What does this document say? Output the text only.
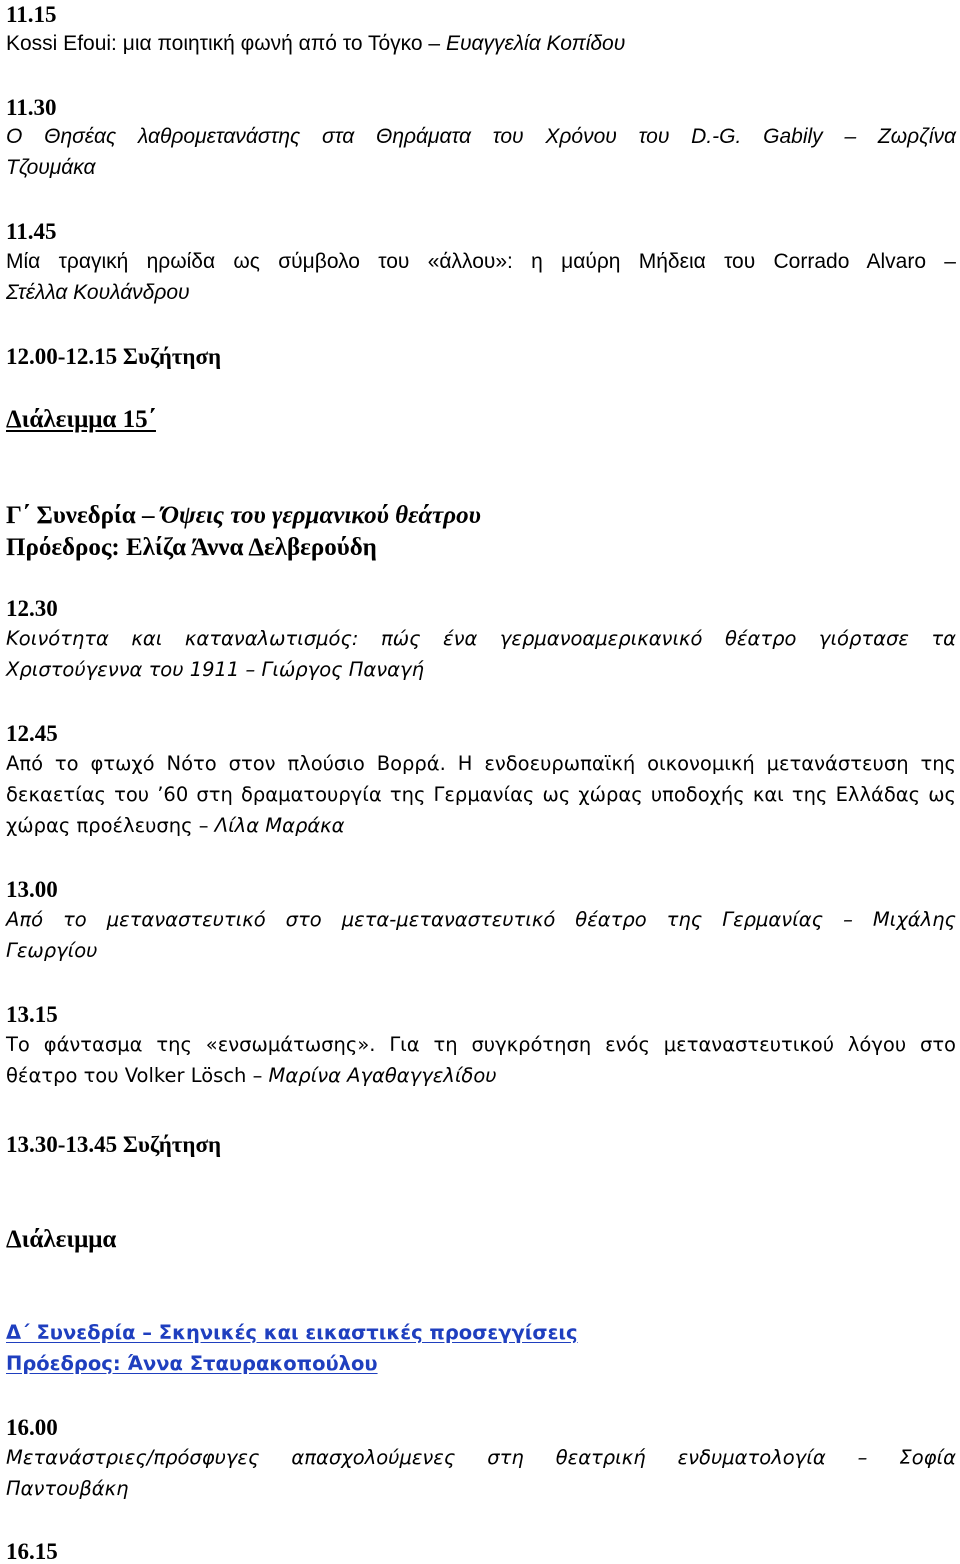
11.15
Kossi Efoui: μια ποιητική φωνή από το Τόγκο – Ευαγγελία Κοπίδου
11.30
Ο Θησέας λαθρομετανάστης στα Θηράματα του Χρόνου του D.-G. Gabily – Ζωρζίνα
Τζουμάκα
11.45
Μία τραγική ηρωίδα ως σύμβολο του «άλλου»: η μαύρη Μήδεια του Corrado Alvaro –
Στέλλα Κουλάνδρου
12.00-12.15 Συζήτηση
Διάλειμμα 15΄
Γ΄ Συνεδρία – Όψεις του γερμανικού θεάτρου
Πρόεδρος: Ελίζα Άννα Δελβερούδη
12.30
Κοινότητα και καταναλωτισμός: πώς ένα γερμανοαμερικανικό θέατρο γιόρτασε τα
Χριστούγεννα του 1911 – Γιώργος Παναγή
12.45
Από το φτωχό Νότο στον πλούσιο Βορρά. Η ενδοευρωπαϊκή οικονομική μετανάστευση της
δεκαετίας του ’60 στη δραματουργία της Γερμανίας ως χώρας υποδοχής και της Ελλάδας ως
χώρας προέλευσης – Λίλα Μαράκα
13.00
Από το μεταναστευτικό στο μετα-μεταναστευτικό θέατρο της Γερμανίας – Μιχάλης
Γεωργίου
13.15
Το φάντασμα της «ενσωμάτωσης». Για τη συγκρότηση ενός μεταναστευτικού λόγου στο
θέατρο του Volker Lösch – Μαρίνα Αγαθαγγελίδου
13.30-13.45 Συζήτηση
Διάλειμμα
Δ΄ Συνεδρία – Σκηνικές και εικαστικές προσεγγίσεις
Πρόεδρος: Άννα Σταυρακοπούλου
16.00
Μετανάστριες/πρόσφυγες απασχολούμενες στη θεατρική ενδυματολογία – Σοφία
Παντουβάκη
16.15
